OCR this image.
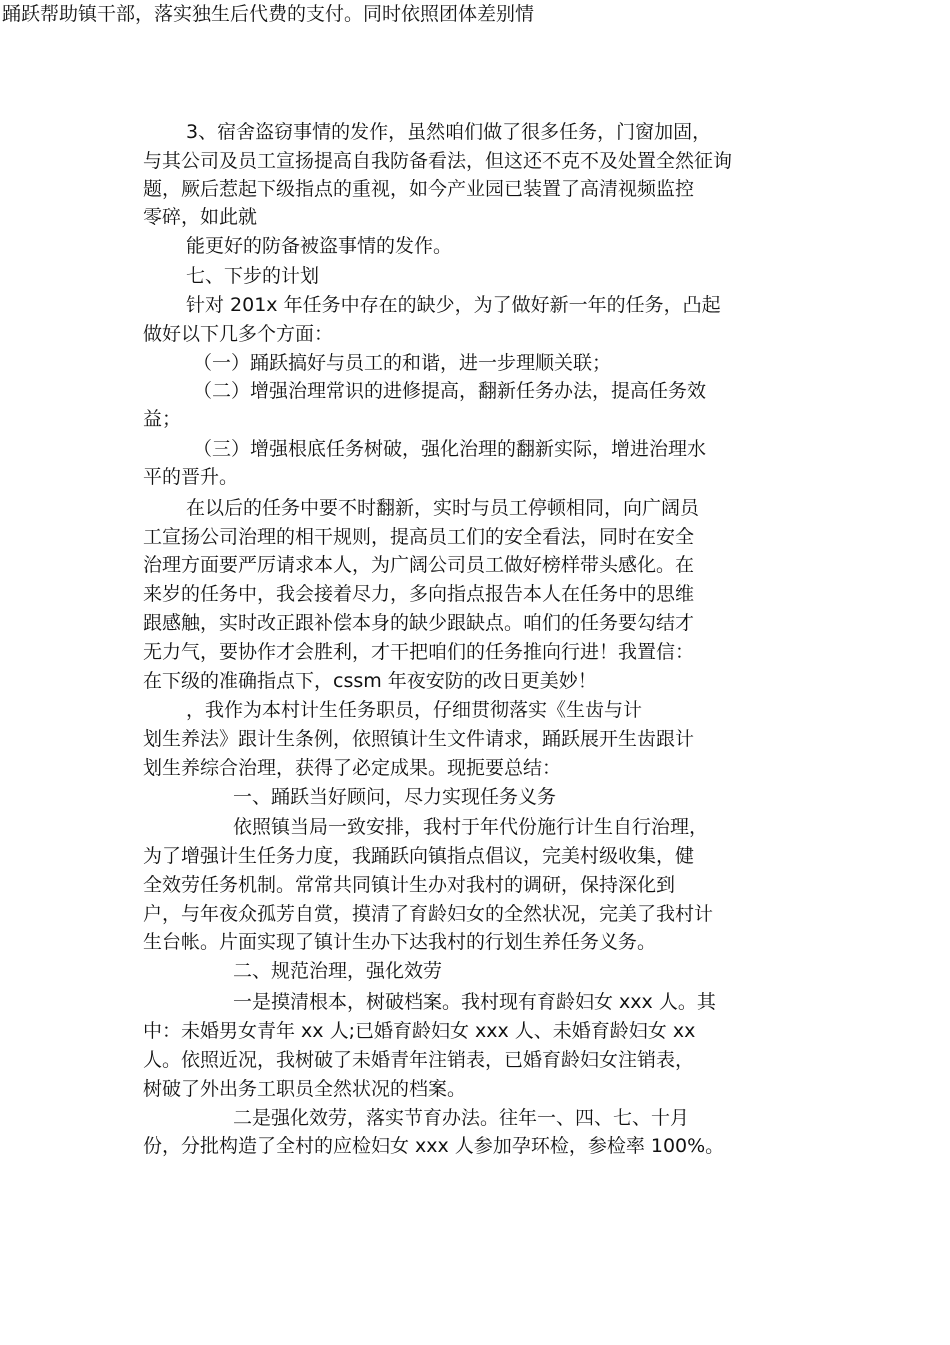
踊跃帮助镇干部，落实独生后代费的支付。同时依照团体差别情
3、宿舍盗窃事情的发作，虽然咱们做了很多任务，门窗加固，
与其公司及员工宣扬提高自我防备看法，但这还不克不及处置全然征询
题，厥后惹起下级指点的重视，如今产业园已装置了高清视频监控
零碎，如此就
能更好的防备被盗事情的发作。
七、下步的计划
针对 201x 年任务中存在的缺少，为了做好新一年的任务，凸起
做好以下几多个方面：
（一）踊跃搞好与员工的和谐，进一步理顺关联；
（二）增强治理常识的进修提高，翻新任务办法，提高任务效
益；
（三）增强根底任务树破，强化治理的翻新实际，增进治理水
平的晋升。
在以后的任务中要不时翻新，实时与员工停顿相同，向广阔员
工宣扬公司治理的相干规则，提高员工们的安全看法，同时在安全
治理方面要严厉请求本人，为广阔公司员工做好榜样带头感化。在
来岁的任务中，我会接着尽力，多向指点报告本人在任务中的思维
跟感触，实时改正跟补偿本身的缺少跟缺点。咱们的任务要勾结才
无力气，要协作才会胜利，才干把咱们的任务推向行进！我置信：
在下级的准确指点下，cssm 年夜安防的改日更美妙！
，我作为本村计生任务职员，仔细贯彻落实《生齿与计
划生养法》跟计生条例，依照镇计生文件请求，踊跃展开生齿跟计
划生养综合治理，获得了必定成果。现扼要总结：
一、踊跃当好顾问，尽力实现任务义务
依照镇当局一致安排，我村于年代份施行计生自行治理，
为了增强计生任务力度，我踊跃向镇指点倡议，完美村级收集，健
全效劳任务机制。常常共同镇计生办对我村的调研，保持深化到
户，与年夜众孤芳自赏，摸清了育龄妇女的全然状况，完美了我村计
生台帐。片面实现了镇计生办下达我村的行划生养任务义务。
二、规范治理，强化效劳
一是摸清根本，树破档案。我村现有育龄妇女 xxx 人。其
中：未婚男女青年 xx 人;已婚育龄妇女 xxx 人、未婚育龄妇女 xx
人。依照近况，我树破了未婚青年注销表，已婚育龄妇女注销表，
树破了外出务工职员全然状况的档案。
二是强化效劳，落实节育办法。往年一、四、七、十月
份，分批构造了全村的应检妇女 xxx 人参加孕环检，参检率 100%。
